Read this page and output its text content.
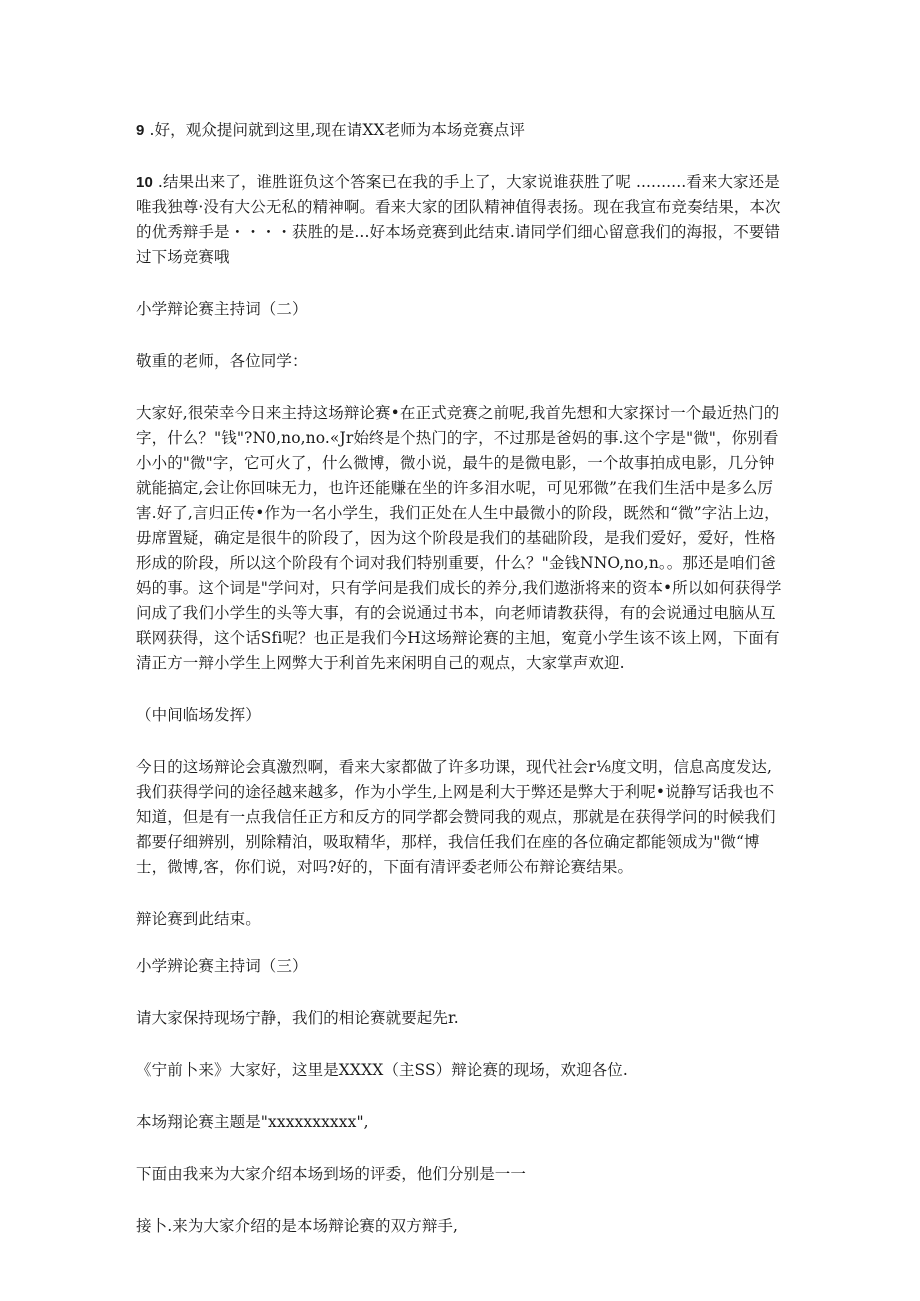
9 .好，观众提问就到这里,现在请XX老师为本场竞赛点评

10 .结果出来了，谁胜诳负这个答案已在我的手上了，大家说谁获胜了呢 ..........看来大家还是唯我独尊·没有大公无私的精神啊。看来大家的团队精神值得表扬。现在我宣布竞奏结果，本次的优秀辩手是・・・・获胜的是...好本场竞赛到此结束.请同学们细心留意我们的海报，不要错过下场竞赛哦

小学辩论赛主持词（二）

敬重的老师，各位同学：

大家好,很荣幸今日来主持这场辩论赛•在正式竞赛之前呢,我首先想和大家探讨一个最近热门的字，什么？"钱"?N0,no,no.«Jr始终是个热门的字，不过那是爸妈的事.这个字是"微"，你别看小小的"微"字，它可火了，什么微博，微小说，最牛的是微电影，一个故事拍成电影，几分钟就能搞定,会让你回味无力，也许还能赚在坐的许多泪水呢，可见邪微”在我们生活中是多么厉害.好了,言归正传•作为一名小学生，我们正处在人生中最微小的阶段，既然和“微”字沾上边，毋席置疑，确定是很牛的阶段了，因为这个阶段是我们的基础阶段，是我们爱好，爱好，性格形成的阶段，所以这个阶段有个词对我们特别重要，什么？"金钱NNO,no,n。。那还是咱们爸妈的事。这个词是"学问对，只有学问是我们成长的养分,我们遨浙将来的资本•所以如何获得学问成了我们小学生的头等大事，有的会说通过书本，向老师请教获得，有的会说通过电脑从互联网获得，这个话Sfi呢？也正是我们今H这场辩论赛的主旭，寃竟小学生该不该上网，下面有清正方一辩小学生上网弊大于利首先来闲明自己的观点，大家掌声欢迎.

（中间临场发挥）

今日的这场辩论会真激烈啊，看来大家都做了许多功课，现代社会r⅛度文明，信息高度发达,我们获得学问的途径越来越多，作为小学生,上网是利大于弊还是弊大于利呢•说静写话我也不知道，但是有一点我信任正方和反方的同学都会赞同我的观点，那就是在获得学问的时候我们都要仔细辨别，别除精泊，吸取精华，那样，我信任我们在座的各位确定都能领成为"微“博士，微博,客，你们说，对吗?好的，下面有清评委老师公布辩论赛结果。

辩论赛到此结束。

小学辨论赛主持词（三）

请大家保持现场宁静，我们的相论赛就要起先r.

《宁前卜来》大家好，这里是XXXX（主SS）辩论赛的现场，欢迎各位.

本场翔论赛主题是"xxxxxxxxxx",

下面由我来为大家介绍本场到场的评委，他们分别是一一

接卜.来为大家介绍的是本场辩论赛的双方辩手,
